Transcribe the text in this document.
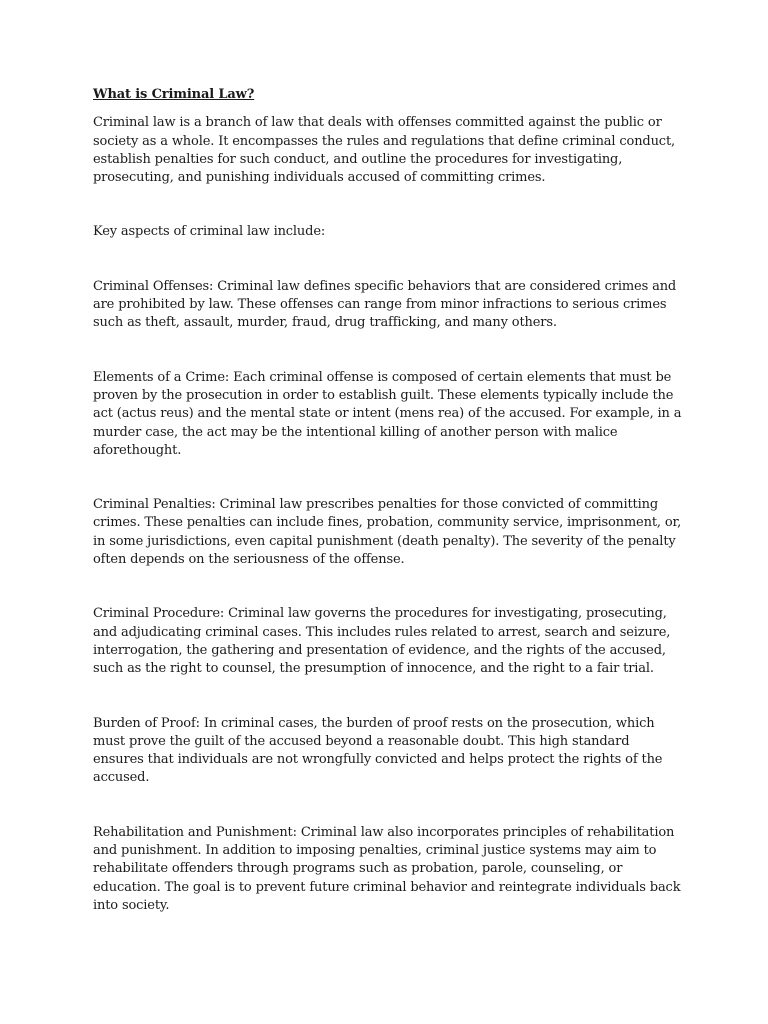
What is Criminal Law?

Criminal law is a branch of law that deals with offenses committed against the public or society as a whole. It encompasses the rules and regulations that define criminal conduct, establish penalties for such conduct, and outline the procedures for investigating, prosecuting, and punishing individuals accused of committing crimes.

Key aspects of criminal law include:

Criminal Offenses: Criminal law defines specific behaviors that are considered crimes and are prohibited by law. These offenses can range from minor infractions to serious crimes such as theft, assault, murder, fraud, drug trafficking, and many others.

Elements of a Crime: Each criminal offense is composed of certain elements that must be proven by the prosecution in order to establish guilt. These elements typically include the act (actus reus) and the mental state or intent (mens rea) of the accused. For example, in a murder case, the act may be the intentional killing of another person with malice aforethought.

Criminal Penalties: Criminal law prescribes penalties for those convicted of committing crimes. These penalties can include fines, probation, community service, imprisonment, or, in some jurisdictions, even capital punishment (death penalty). The severity of the penalty often depends on the seriousness of the offense.

Criminal Procedure: Criminal law governs the procedures for investigating, prosecuting, and adjudicating criminal cases. This includes rules related to arrest, search and seizure, interrogation, the gathering and presentation of evidence, and the rights of the accused, such as the right to counsel, the presumption of innocence, and the right to a fair trial.

Burden of Proof: In criminal cases, the burden of proof rests on the prosecution, which must prove the guilt of the accused beyond a reasonable doubt. This high standard ensures that individuals are not wrongfully convicted and helps protect the rights of the accused.

Rehabilitation and Punishment: Criminal law also incorporates principles of rehabilitation and punishment. In addition to imposing penalties, criminal justice systems may aim to rehabilitate offenders through programs such as probation, parole, counseling, or education. The goal is to prevent future criminal behavior and reintegrate individuals back into society.
